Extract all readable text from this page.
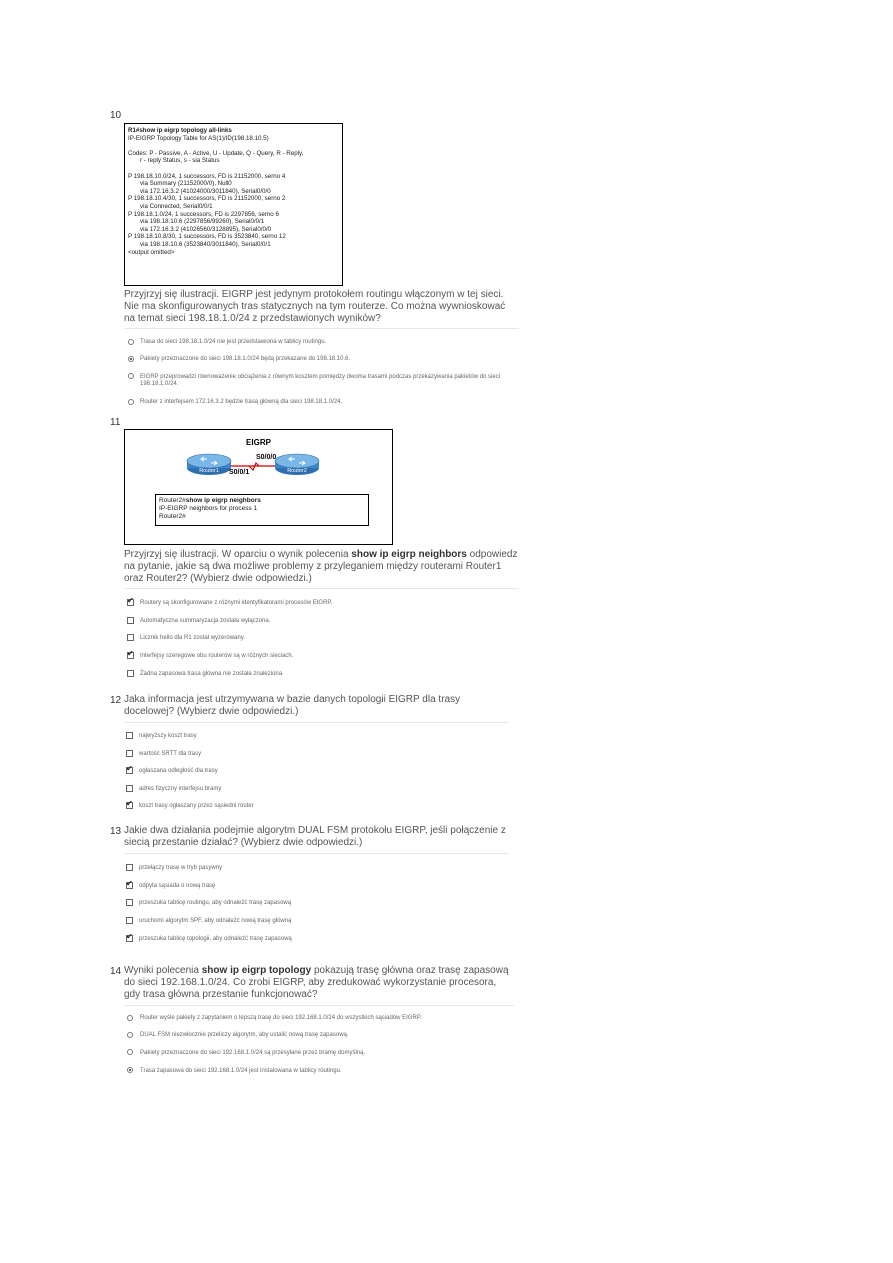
10
R1#show ip eigrp topology all-links
IP-EIGRP Topology Table for AS(1)/ID(198.18.10.5)

Codes: P - Passive, A - Active, U - Update, Q - Query, R - Reply,
r - reply Status, s - sia Status

P 198.18.10.0/24, 1 successors, FD is 21152000, serno 4
via Summary (21152000/0), Null0
via 172.16.3.2 (41024000/3011840), Serial0/0/0
P 198.18.10.4/30, 1 successors, FD is 21152000, serno 2
via Connected, Serial0/0/1
P 198.18.1.0/24, 1 successors, FD is 2297856, serno 6
via 198.18.10.6 (2297856/99260), Serial0/0/1
via 172.16.3.2 (41026560/3128895), Serial0/0/0
P 198.18.10.8/30, 1 successors, FD is 3523840, serno 12
via 198.18.10.6 (3523840/3011840), Serial0/0/1
<output omitted>
Przyjrzyj się ilustracji. EIGRP jest jedynym protokołem routingu włączonym w tej sieci. Nie ma skonfigurowanych tras statycznych na tym routerze. Co można wywnioskować na temat sieci 198.18.1.0/24 z przedstawionych wyników?
Trasa do sieci 198.18.1.0/24 nie jest przedstawiona w tablicy routingu.
Pakiety przeznaczone do sieci 198.18.1.0/24 będą przekazane do 198.18.10.6.
EIGRP przeprowadzi równoważenie obciążenia z równym kosztem pomiędzy dwoma trasami podczas przekazywania pakietów do sieci 198.18.1.0/24.
Router z interfejsem 172.16.3.2 będzie trasą główną dla sieci 198.18.1.0/24.
11
EIGRP
Router1	Router2
S0/0/0
S0/0/1
Router2#show ip eigrp neighbors
IP-EIGRP neighbors for process 1
Router2#
Przyjrzyj się ilustracji. W oparciu o wynik polecenia show ip eigrp neighbors odpowiedz na pytanie, jakie są dwa możliwe problemy z przyleganiem między routerami Router1 oraz Router2? (Wybierz dwie odpowiedzi.)
✔
Routery są skonfigurowane z różnymi identyfikatorami procesów EIGRP.
Automatyczna summaryzacja została wyłączona.
Licznik hello dla R1 został wyzerowany.
✔
Interfejsy szeregowe obu routerów są w różnych sieciach.
Żadna zapasowa trasa główna nie została znaleziona.
12 Jaka informacja jest utrzymywana w bazie danych topologii EIGRP dla trasy docelowej? (Wybierz dwie odpowiedzi.)
najwyższy koszt trasy
wartość SRTT dla trasy
✔
ogłaszana odległość dla trasy
adres fizyczny interfejsu bramy
✔
koszt trasy ogłaszany przez sąsiedni router
13 Jakie dwa działania podejmie algorytm DUAL FSM protokołu EIGRP, jeśli połączenie z siecią przestanie działać? (Wybierz dwie odpowiedzi.)
przełączy trasę w tryb pasywny
✔
odpyta sąsiada o nową trasę
przeszuka tablicę routingu, aby odnaleźć trasę zapasową
uruchomi algorytm SPF, aby odnaleźć nową trasę główną
✔
przeszuka tablicę topologii, aby odnaleźć trasę zapasową
14 Wyniki polecenia show ip eigrp topology pokazują trasę główna oraz trasę zapasową do sieci 192.168.1.0/24. Co zrobi EIGRP, aby zredukować wykorzystanie procesora, gdy trasa główna przestanie funkcjonować?
Router wyśle pakiety z zapytaniem o lepszą trasę do sieci 192.168.1.0/24 do wszystkich sąsiadów EIGRP.
DUAL FSM niezwłocznie przeliczy algorytm, aby ustalić nową trasę zapasową.
Pakiety przeznaczone do sieci 192.168.1.0/24 są przesyłane przez bramę domyślną.
Trasa zapasowa do sieci 192.168.1.0/24 jest instalowana w tablicy routingu.
